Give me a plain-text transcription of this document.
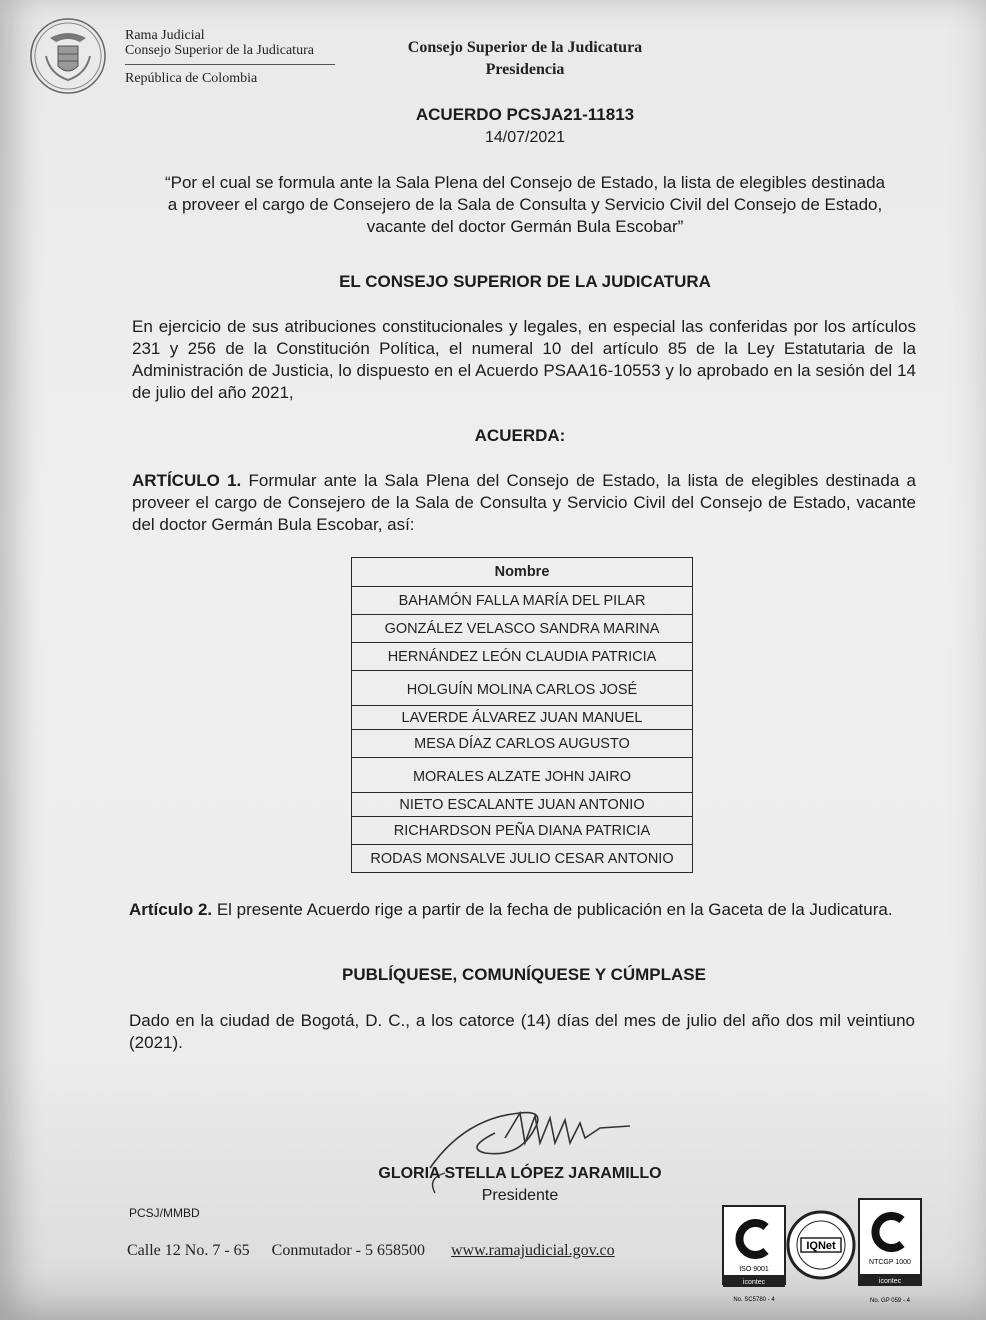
Rama Judicial
Consejo Superior de la Judicatura
República de Colombia
Consejo Superior de la Judicatura
Presidencia
ACUERDO PCSJA21-11813
14/07/2021
“Por el cual se formula ante la Sala Plena del Consejo de Estado, la lista de elegibles destinada a proveer el cargo de Consejero de la Sala de Consulta y Servicio Civil del Consejo de Estado, vacante del doctor Germán Bula Escobar”
EL CONSEJO SUPERIOR DE LA JUDICATURA
En ejercicio de sus atribuciones constitucionales y legales, en especial las conferidas por los artículos 231 y 256 de la Constitución Política, el numeral 10 del artículo 85 de la Ley Estatutaria de la Administración de Justicia, lo dispuesto en el Acuerdo PSAA16-10553 y lo aprobado en la sesión del 14 de julio del año 2021,
ACUERDA:
ARTÍCULO 1. Formular ante la Sala Plena del Consejo de Estado, la lista de elegibles destinada a proveer el cargo de Consejero de la Sala de Consulta y Servicio Civil del Consejo de Estado, vacante del doctor Germán Bula Escobar, así:
Nombre
BAHAMÓN FALLA MARÍA DEL PILAR
GONZÁLEZ VELASCO SANDRA MARINA
HERNÁNDEZ LEÓN CLAUDIA PATRICIA
HOLGUÍN MOLINA CARLOS JOSÉ
LAVERDE ÁLVAREZ JUAN MANUEL
MESA DÍAZ CARLOS AUGUSTO
MORALES ALZATE JOHN JAIRO
NIETO ESCALANTE JUAN ANTONIO
RICHARDSON PEÑA DIANA PATRICIA
RODAS MONSALVE JULIO CESAR ANTONIO
Artículo 2. El presente Acuerdo rige a partir de la fecha de publicación en la Gaceta de la Judicatura.
PUBLÍQUESE, COMUNÍQUESE Y CÚMPLASE
Dado en la ciudad de Bogotá, D. C., a los catorce (14) días del mes de julio del año dos mil veintiuno (2021).
GLORIA STELLA LÓPEZ JARAMILLO
Presidente
PCSJ/MMBD
Calle 12 No. 7 - 65 Conmutador - 5 658500 www.ramajudicial.gov.co
ISO 9001
icontec
No. SC5780 - 4
IQNet
NTCGP 1000
icontec
No. GP 059 - 4
